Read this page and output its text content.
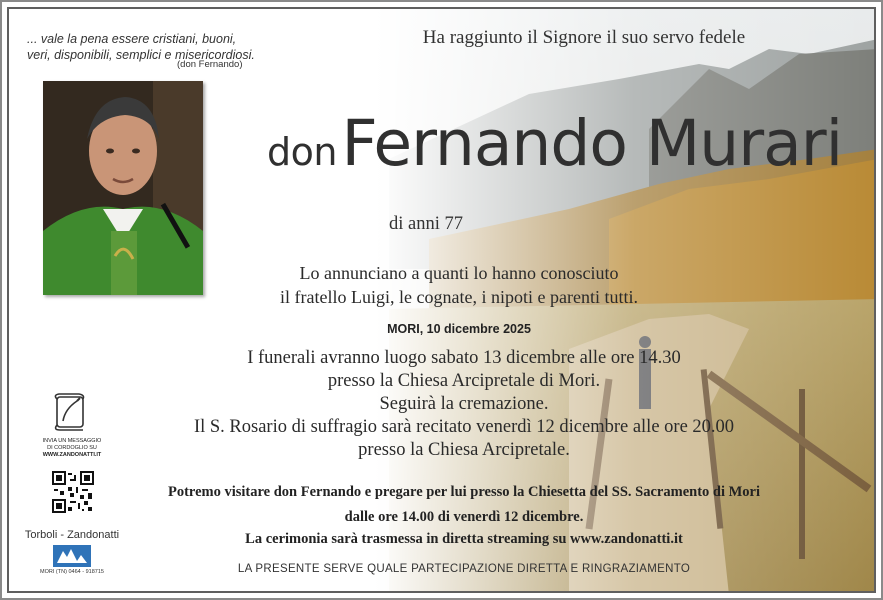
... vale la pena essere cristiani, buoni,
veri, disponibili, semplici e misericordiosi.
(don Fernando)
Ha raggiunto il Signore il suo servo fedele
don Fernando Murari
di anni 77
Lo annunciano a quanti lo hanno conosciuto
il fratello Luigi, le cognate, i nipoti e parenti tutti.
MORI, 10 dicembre 2025
I funerali avranno luogo sabato 13 dicembre alle ore 14.30
presso la Chiesa Arcipretale di Mori.
Seguirà la cremazione.
Il S. Rosario di suffragio sarà recitato venerdì 12 dicembre alle ore 20.00
presso la Chiesa Arcipretale.
Potremo visitare don Fernando e pregare per lui presso la Chiesetta del SS. Sacramento di Mori
dalle ore 14.00 di venerdì 12 dicembre.
La cerimonia sarà trasmessa in diretta streaming su www.zandonatti.it
LA PRESENTE SERVE QUALE PARTECIPAZIONE DIRETTA E RINGRAZIAMENTO
INVIA UN MESSAGGIO
DI CORDOGLIO SU
WWW.ZANDONATTI.IT
Torboli - Zandonatti
MORI (TN) 0464 - 918715
